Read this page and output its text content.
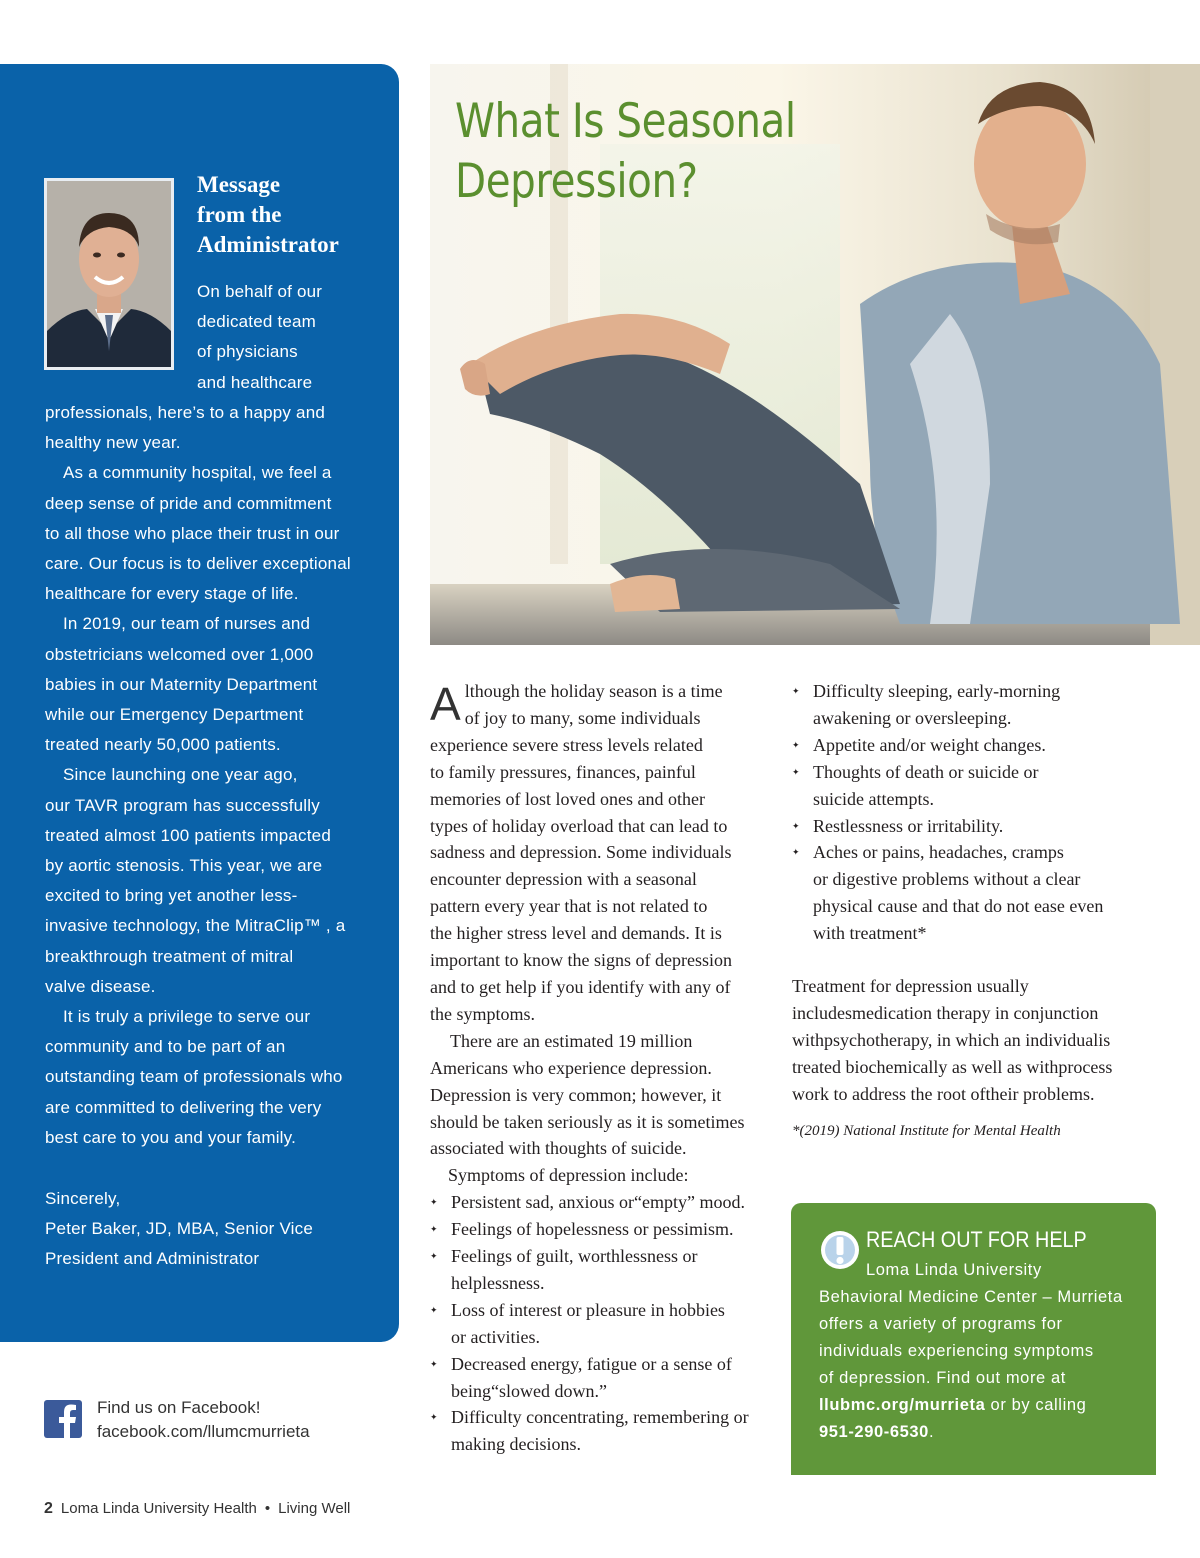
Message
from the
Administrator
On behalf of our
dedicated team
of physicians
and healthcare
professionals, here’s to a happy and
healthy new year.
As a community hospital, we feel a
deep sense of pride and commitment
to all those who place their trust in our
care. Our focus is to deliver exceptional
healthcare for every stage of life.
In 2019, our team of nurses and
obstetricians welcomed over 1,000
babies in our Maternity Department
while our Emergency Department
treated nearly 50,000 patients.
Since launching one year ago,
our TAVR program has successfully
treated almost 100 patients impacted
by aortic stenosis. This year, we are
excited to bring yet another less-
invasive technology, the MitraClip™ , a
breakthrough treatment of mitral
valve disease.
It is truly a privilege to serve our
community and to be part of an
outstanding team of professionals who
are committed to delivering the very
best care to you and your family.
Sincerely,
Peter Baker, JD, MBA, Senior Vice
President and Administrator
Find us on Facebook!
facebook.com/llumcmurrieta
2 Loma Linda University Health • Living Well
What Is Seasonal
Depression?
A lthough the holiday season is a time
of joy to many, some individuals
experience severe stress levels related
to family pressures, finances, painful
memories of lost loved ones and other
types of holiday overload that can lead to
sadness and depression. Some individuals
encounter depression with a seasonal
pattern every year that is not related to
the higher stress level and demands. It is
important to know the signs of depression
and to get help if you identify with any of
the symptoms.
There are an estimated 19 million
Americans who experience depression.
Depression is very common; however, it
should be taken seriously as it is sometimes
associated with thoughts of suicide.
Symptoms of depression include:
✦ Persistent sad, anxious or“empty” mood.
✦ Feelings of hopelessness or pessimism.
✦ Feelings of guilt, worthlessness or
helplessness.
✦ Loss of interest or pleasure in hobbies
or activities.
✦ Decreased energy, fatigue or a sense of
being“slowed down.”
✦ Difficulty concentrating, remembering or
making decisions.
✦ Difficulty sleeping, early-morning
awakening or oversleeping.
✦ Appetite and/or weight changes.
✦ Thoughts of death or suicide or
suicide attempts.
✦ Restlessness or irritability.
✦ Aches or pains, headaches, cramps
or digestive problems without a clear
physical cause and that do not ease even
with treatment*
Treatment for depression usually includesmedication therapy in conjunction withpsychotherapy, in which an individualis treated biochemically as well as withprocess work to address the root oftheir problems.
*(2019) National Institute for Mental Health
REACH OUT FOR HELP
Loma Linda University
Behavioral Medicine Center – Murrieta
offers a variety of programs for
individuals experiencing symptoms
of depression. Find out more at
llubmc.org/murrieta or by calling
951-290-6530.
